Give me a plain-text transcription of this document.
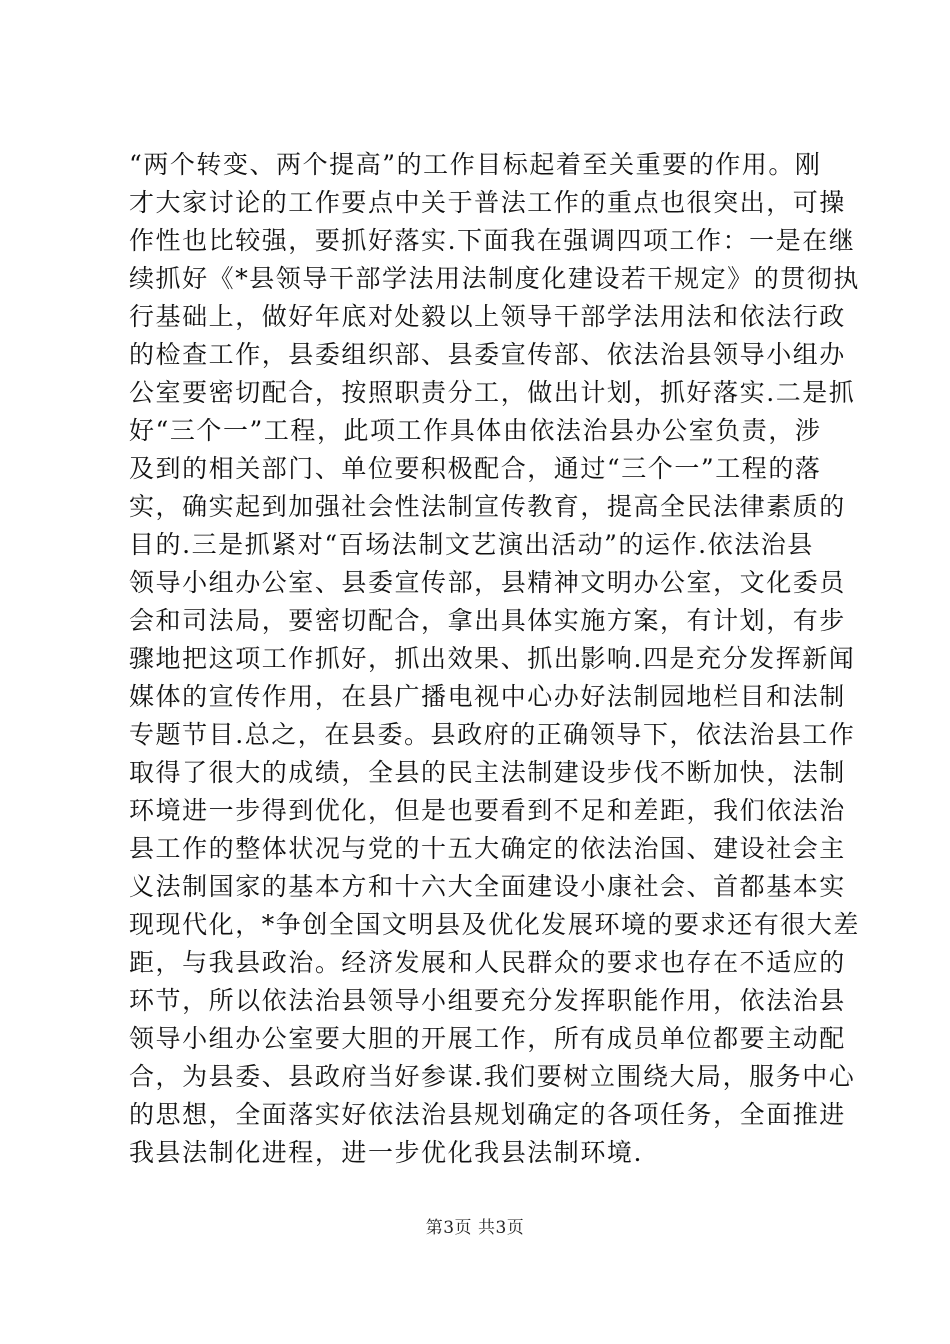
“两个转变、两个提高”的工作目标起着至关重要的作用。刚
才大家讨论的工作要点中关于普法工作的重点也很突出，可操
作性也比较强，要抓好落实.下面我在强调四项工作：一是在继
续抓好《*县领导干部学法用法制度化建设若干规定》的贯彻执
行基础上，做好年底对处毅以上领导干部学法用法和依法行政
的检查工作，县委组织部、县委宣传部、依法治县领导小组办
公室要密切配合，按照职责分工，做出计划，抓好落实.二是抓
好“三个一”工程，此项工作具体由依法治县办公室负责，涉
及到的相关部门、单位要积极配合，通过“三个一”工程的落
实，确实起到加强社会性法制宣传教育，提高全民法律素质的
目的.三是抓紧对“百场法制文艺演出活动”的运作.依法治县
领导小组办公室、县委宣传部，县精神文明办公室，文化委员
会和司法局，要密切配合，拿出具体实施方案，有计划，有步
骤地把这项工作抓好，抓出效果、抓出影响.四是充分发挥新闻
媒体的宣传作用，在县广播电视中心办好法制园地栏目和法制
专题节目.总之，在县委。县政府的正确领导下，依法治县工作
取得了很大的成绩，全县的民主法制建设步伐不断加快，法制
环境进一步得到优化，但是也要看到不足和差距，我们依法治
县工作的整体状况与党的十五大确定的依法治国、建设社会主
义法制国家的基本方和十六大全面建设小康社会、首都基本实
现现代化，*争创全国文明县及优化发展环境的要求还有很大差
距，与我县政治。经济发展和人民群众的要求也存在不适应的
环节，所以依法治县领导小组要充分发挥职能作用，依法治县
领导小组办公室要大胆的开展工作，所有成员单位都要主动配
合，为县委、县政府当好参谋.我们要树立围绕大局，服务中心
的思想，全面落实好依法治县规划确定的各项任务，全面推进
我县法制化进程，进一步优化我县法制环境.
第3页 共3页
